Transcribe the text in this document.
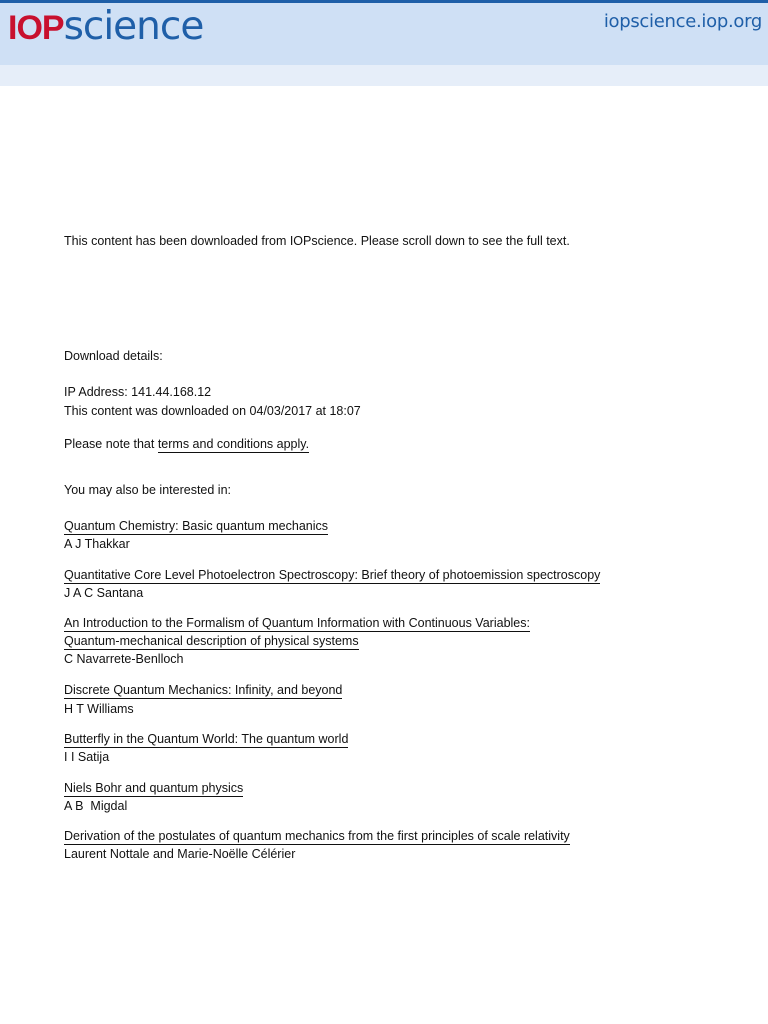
IOPscience	iopscience.iop.org
This content has been downloaded from IOPscience. Please scroll down to see the full text.
Download details:
IP Address: 141.44.168.12
This content was downloaded on 04/03/2017 at 18:07
Please note that terms and conditions apply.
You may also be interested in:
Quantum Chemistry: Basic quantum mechanics
A J Thakkar
Quantitative Core Level Photoelectron Spectroscopy: Brief theory of photoemission spectroscopy
J A C Santana
An Introduction to the Formalism of Quantum Information with Continuous Variables:
Quantum-mechanical description of physical systems
C Navarrete-Benlloch
Discrete Quantum Mechanics: Infinity, and beyond
H T Williams
Butterfly in the Quantum World: The quantum world
I I Satija
Niels Bohr and quantum physics
A B  Migdal
Derivation of the postulates of quantum mechanics from the first principles of scale relativity
Laurent Nottale and Marie-Noëlle Célérier
